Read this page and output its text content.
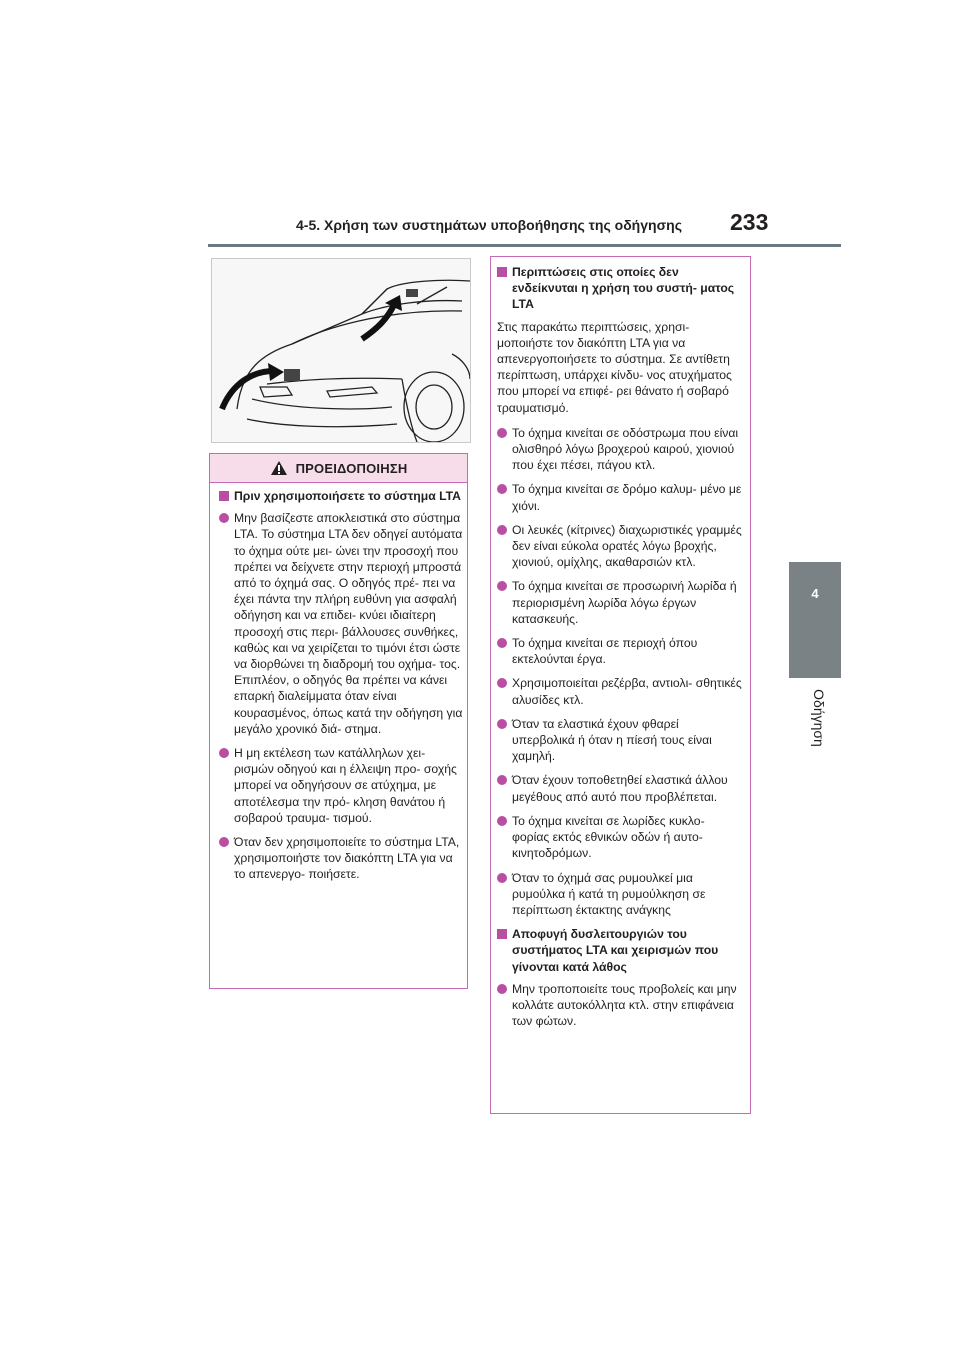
4-5. Χρήση των συστημάτων υποβοήθησης της οδήγησης 233
4
Οδήγηση
ΠΡΟΕΙΔΟΠΟΙΗΣΗ
Πριν χρησιμοποιήσετε το σύστημα LTA
Μην βασίζεστε αποκλειστικά στο σύστημα LTA. Το σύστημα LTA δεν οδηγεί αυτόματα το όχημα ούτε μει- ώνει την προσοχή που πρέπει να δείχνετε στην περιοχή μπροστά από το όχημά σας. Ο οδηγός πρέ- πει να έχει πάντα την πλήρη ευθύνη για ασφαλή οδήγηση και να επιδει- κνύει ιδιαίτερη προσοχή στις περι- βάλλουσες συνθήκες, καθώς και να χειρίζεται το τιμόνι έτσι ώστε να διορθώνει τη διαδρομή του οχήμα- τος. Επιπλέον, ο οδηγός θα πρέπει να κάνει επαρκή διαλείμματα όταν είναι κουρασμένος, όπως κατά την οδήγηση για μεγάλο χρονικό διά- στημα.
Η μη εκτέλεση των κατάλληλων χει- ρισμών οδηγού και η έλλειψη προ- σοχής μπορεί να οδηγήσουν σε ατύχημα, με αποτέλεσμα την πρό- κληση θανάτου ή σοβαρού τραυμα- τισμού.
Όταν δεν χρησιμοποιείτε το σύστημα LTA, χρησιμοποιήστε τον διακόπτη LTA για να το απενεργο- ποιήσετε.
Περιπτώσεις στις οποίες δεν ενδείκνυται η χρήση του συστή- ματος LTA
Στις παρακάτω περιπτώσεις, χρησι- μοποιήστε τον διακόπτη LTA για να απενεργοποιήσετε το σύστημα. Σε αντίθετη περίπτωση, υπάρχει κίνδυ- νος ατυχήματος που μπορεί να επιφέ- ρει θάνατο ή σοβαρό τραυματισμό.
Το όχημα κινείται σε οδόστρωμα που είναι ολισθηρό λόγω βροχερού καιρού, χιονιού που έχει πέσει, πάγου κτλ.
Το όχημα κινείται σε δρόμο καλυμ- μένο με χιόνι.
Οι λευκές (κίτρινες) διαχωριστικές γραμμές δεν είναι εύκολα ορατές λόγω βροχής, χιονιού, ομίχλης, ακαθαρσιών κτλ.
Το όχημα κινείται σε προσωρινή λωρίδα ή περιορισμένη λωρίδα λόγω έργων κατασκευής.
Το όχημα κινείται σε περιοχή όπου εκτελούνται έργα.
Χρησιμοποιείται ρεζέρβα, αντιολι- σθητικές αλυσίδες κτλ.
Όταν τα ελαστικά έχουν φθαρεί υπερβολικά ή όταν η πίεσή τους είναι χαμηλή.
Όταν έχουν τοποθετηθεί ελαστικά άλλου μεγέθους από αυτό που προβλέπεται.
Το όχημα κινείται σε λωρίδες κυκλο- φορίας εκτός εθνικών οδών ή αυτο- κινητοδρόμων.
Όταν το όχημά σας ρυμουλκεί μια ρυμούλκα ή κατά τη ρυμούλκηση σε περίπτωση έκτακτης ανάγκης
Αποφυγή δυσλειτουργιών του συστήματος LTA και χειρισμών που γίνονται κατά λάθος
Μην τροποποιείτε τους προβολείς και μην κολλάτε αυτοκόλλητα κτλ. στην επιφάνεια των φώτων.
